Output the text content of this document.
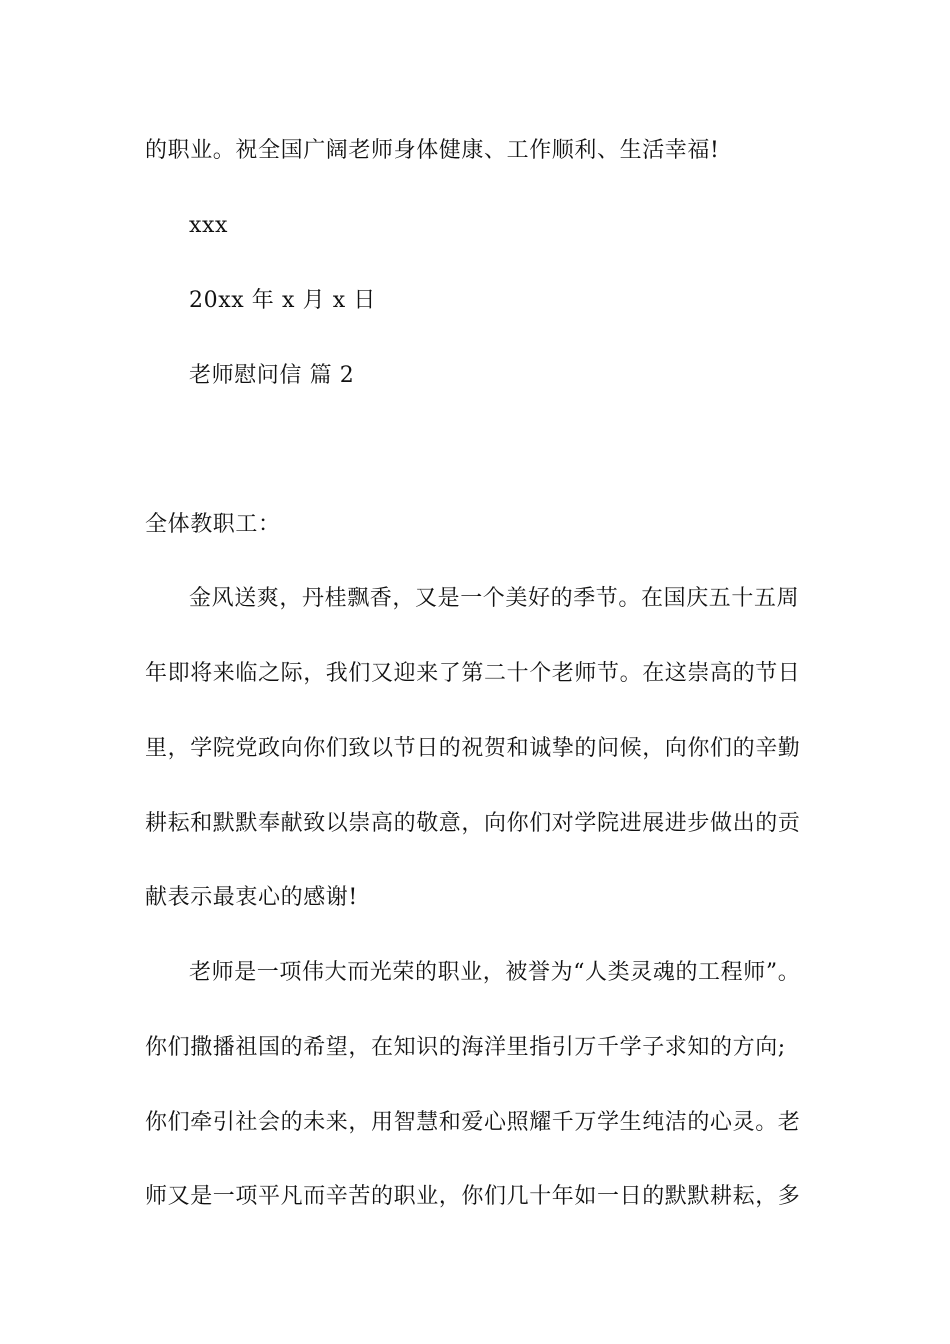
的职业。祝全国广阔老师身体健康、工作顺利、生活幸福!
xxx
20xx 年 x 月 x 日
老师慰问信 篇 2
全体教职工：
金风送爽，丹桂飘香，又是一个美好的季节。在国庆五十五周
年即将来临之际，我们又迎来了第二十个老师节。在这崇高的节日
里，学院党政向你们致以节日的祝贺和诚挚的问候，向你们的辛勤
耕耘和默默奉献致以崇高的敬意，向你们对学院进展进步做出的贡
献表示最衷心的感谢!
老师是一项伟大而光荣的职业，被誉为“人类灵魂的工程师”。
你们撒播祖国的希望，在知识的海洋里指引万千学子求知的方向;
你们牵引社会的未来，用智慧和爱心照耀千万学生纯洁的心灵。老
师又是一项平凡而辛苦的职业，你们几十年如一日的默默耕耘，多
